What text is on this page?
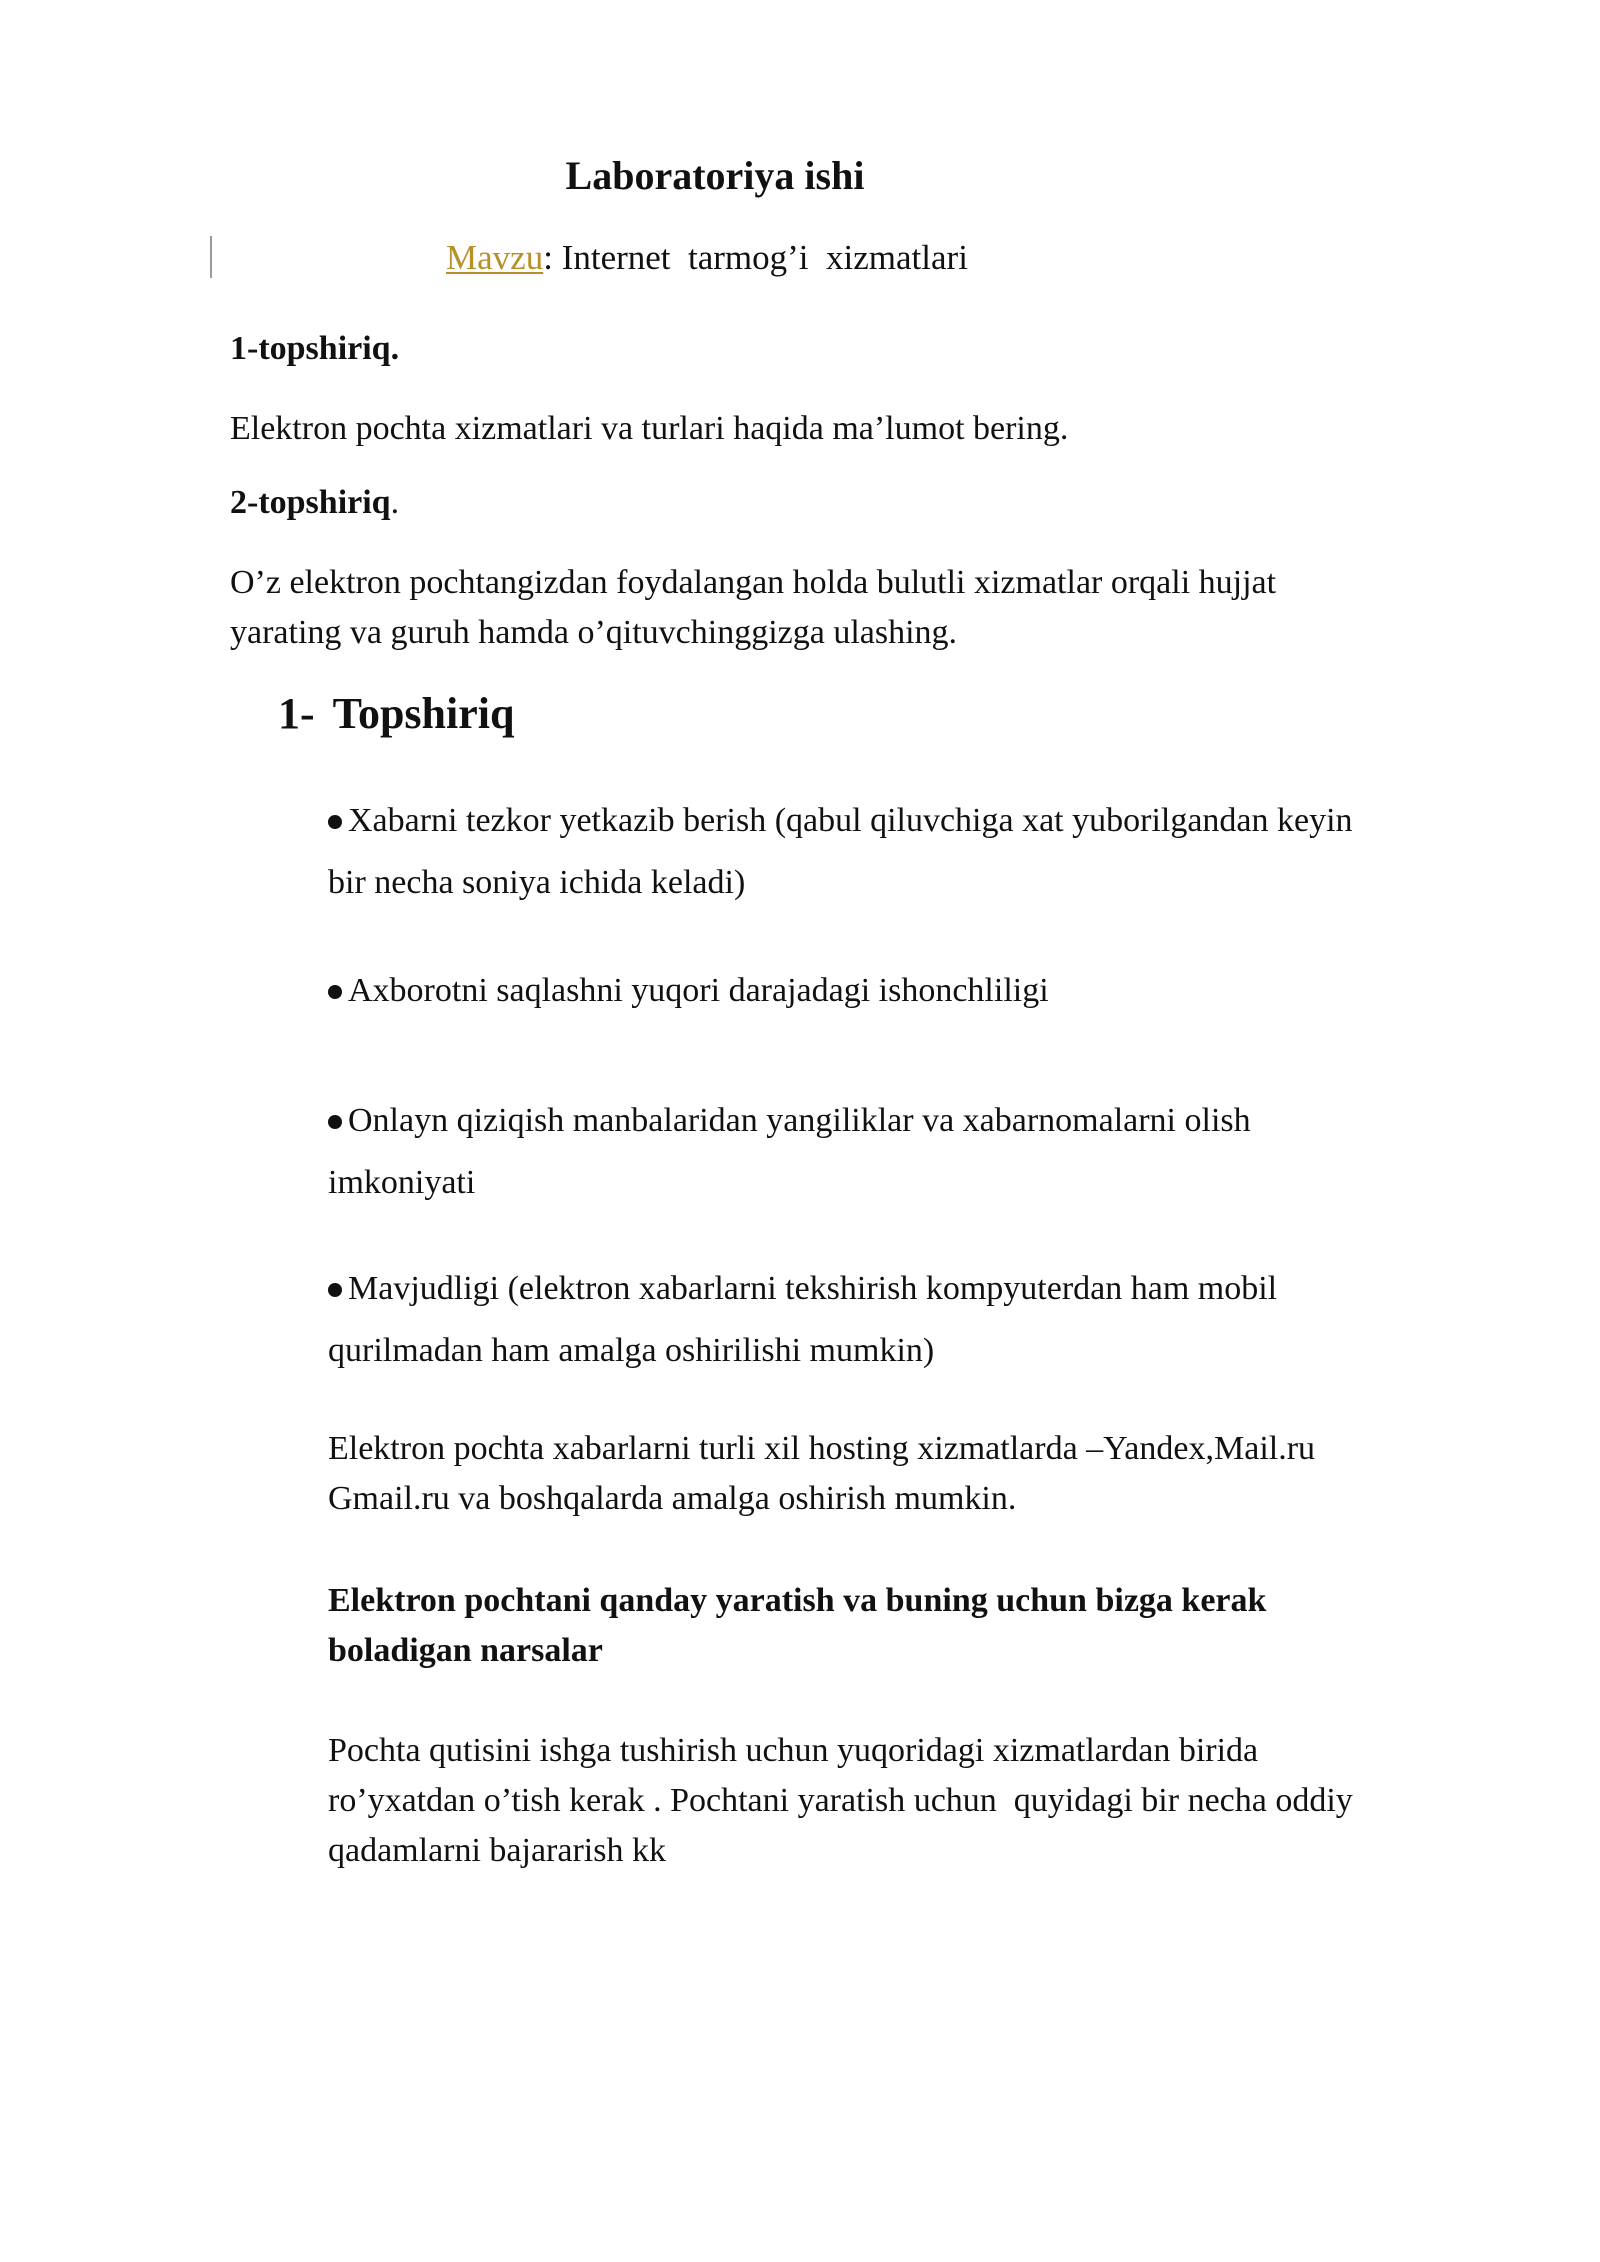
Laboratoriya ishi

Mavzu: Internet  tarmog’i  xizmatlari

1-topshiriq.

Elektron pochta xizmatlari va turlari haqida ma’lumot bering.

2-topshiriq.

O’z elektron pochtangizdan foydalangan holda bulutli xizmatlar orqali hujjat
yarating va guruh hamda o’qituvchinggizga ulashing.
1- Topshiriq
Xabarni tezkor yetkazib berish (qabul qiluvchiga xat yuborilgandan keyin
bir necha soniya ichida keladi)
Axborotni saqlashni yuqori darajadagi ishonchliligi
Onlayn qiziqish manbalaridan yangiliklar va xabarnomalarni olish
imkoniyati
Mavjudligi (elektron xabarlarni tekshirish kompyuterdan ham mobil
qurilmadan ham amalga oshirilishi mumkin)
Elektron pochta xabarlarni turli xil hosting xizmatlarda –Yandex,Mail.ru
Gmail.ru va boshqalarda amalga oshirish mumkin.
Elektron pochtani qanday yaratish va buning uchun bizga kerak
boladigan narsalar
Pochta qutisini ishga tushirish uchun yuqoridagi xizmatlardan birida
ro’yxatdan o’tish kerak . Pochtani yaratish uchun  quyidagi bir necha oddiy
qadamlarni bajararish kk
